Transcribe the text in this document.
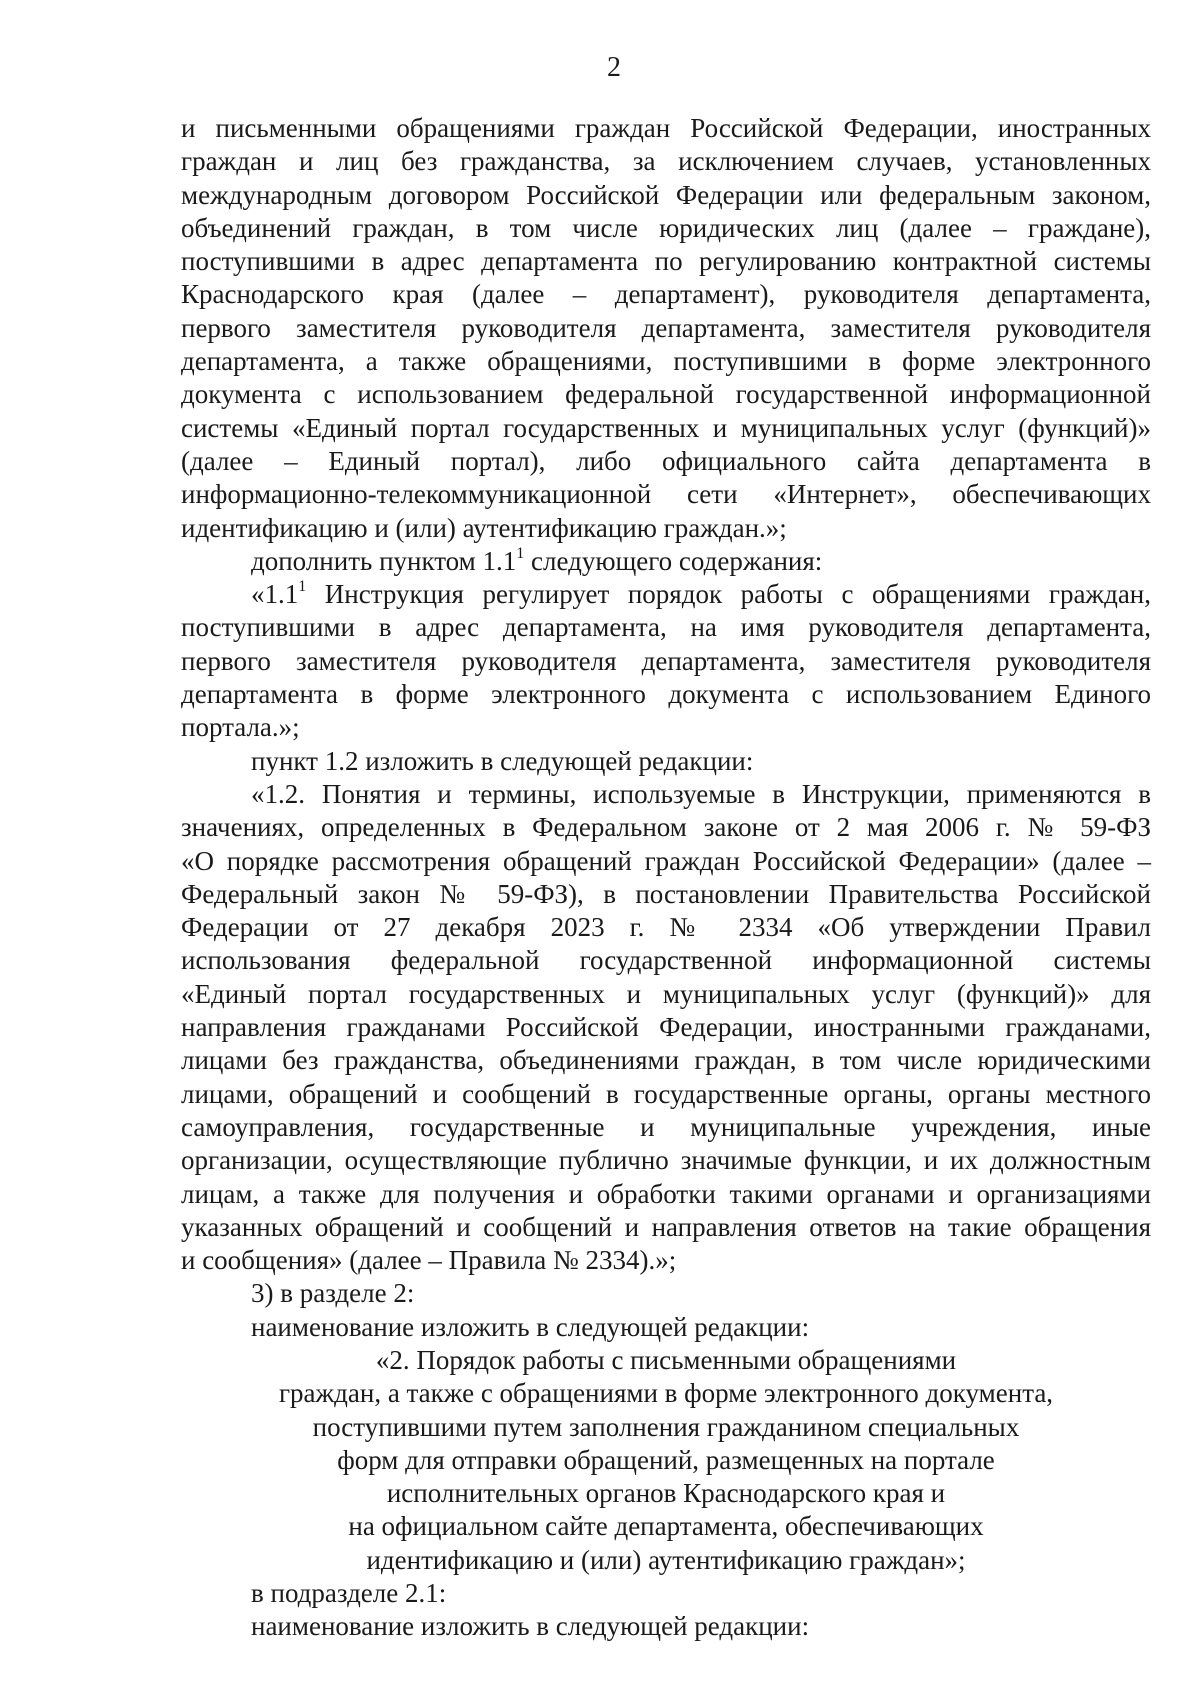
2

и письменными обращениями граждан Российской Федерации, иностранных

граждан и лиц без гражданства, за исключением случаев, установленных

международным договором Российской Федерации или федеральным законом,

объединений граждан, в том числе юридических лиц (далее – граждане),

поступившими в адрес департамента по регулированию контрактной системы

Краснодарского края (далее – департамент), руководителя департамента,

первого заместителя руководителя департамента, заместителя руководителя

департамента, а также обращениями, поступившими в форме электронного

документа с использованием федеральной государственной информационной

системы «Единый портал государственных и муниципальных услуг (функций)»

(далее – Единый портал), либо официального сайта департамента в

информационно-телекоммуникационной сети «Интернет», обеспечивающих

идентификацию и (или) аутентификацию граждан.»;

дополнить пунктом $1.1^1$ следующего содержания:

«$1.1^1$ Инструкция регулирует порядок работы с обращениями граждан,

поступившими в адрес департамента, на имя руководителя департамента,

первого заместителя руководителя департамента, заместителя руководителя

департамента в форме электронного документа с использованием Единого

портала.»;

пункт 1.2 изложить в следующей редакции:

«1.2. Понятия и термины, используемые в Инструкции, применяются в

значениях, определенных в Федеральном законе от 2 мая 2006 г. № 59-ФЗ

«О порядке рассмотрения обращений граждан Российской Федерации» (далее –

Федеральный закон № 59-ФЗ), в постановлении Правительства Российской

Федерации от 27 декабря 2023 г. № 2334 «Об утверждении Правил

использования федеральной государственной информационной системы

«Единый портал государственных и муниципальных услуг (функций)» для

направления гражданами Российской Федерации, иностранными гражданами,

лицами без гражданства, объединениями граждан, в том числе юридическими

лицами, обращений и сообщений в государственные органы, органы местного

самоуправления, государственные и муниципальные учреждения, иные

организации, осуществляющие публично значимые функции, и их должностным

лицам, а также для получения и обработки такими органами и организациями

указанных обращений и сообщений и направления ответов на такие обращения

и сообщения» (далее – Правила № 2334).»;

3) в разделе 2:

наименование изложить в следующей редакции:

«2. Порядок работы с письменными обращениями

граждан, а также с обращениями в форме электронного документа,

поступившими путем заполнения гражданином специальных

форм для отправки обращений, размещенных на портале

исполнительных органов Краснодарского края и

на официальном сайте департамента, обеспечивающих

идентификацию и (или) аутентификацию граждан»;

в подразделе 2.1:

наименование изложить в следующей редакции:
